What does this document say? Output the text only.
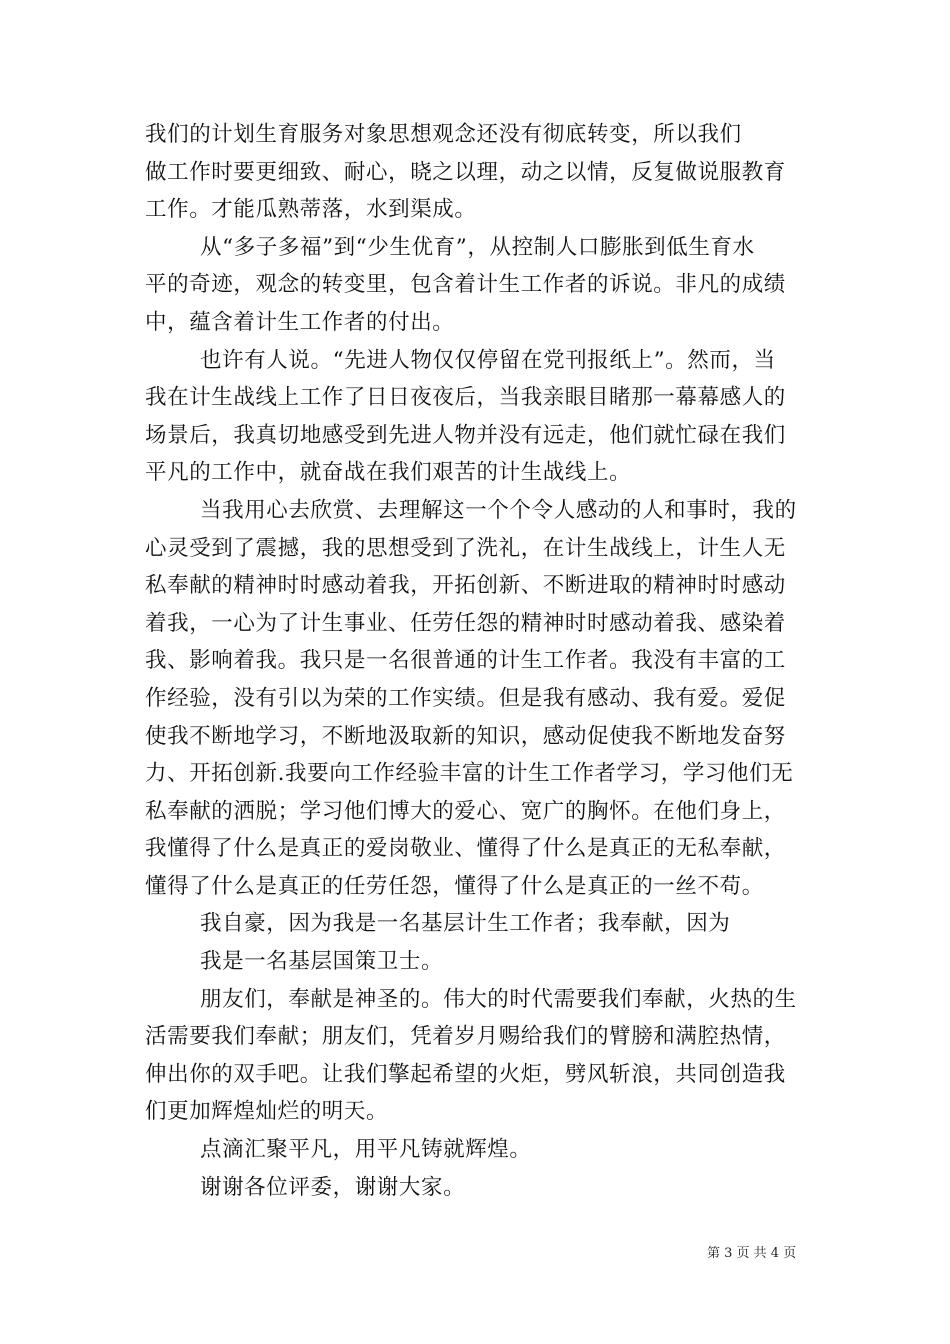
我们的计划生育服务对象思想观念还没有彻底转变，所以我们
做工作时要更细致、耐心，晓之以理，动之以情，反复做说服教育
工作。才能瓜熟蒂落，水到渠成。
从“多子多福”到“少生优育”，从控制人口膨胀到低生育水
平的奇迹，观念的转变里，包含着计生工作者的诉说。非凡的成绩
中，蕴含着计生工作者的付出。
也许有人说。“先进人物仅仅停留在党刊报纸上”。然而，当
我在计生战线上工作了日日夜夜后，当我亲眼目睹那一幕幕感人的
场景后，我真切地感受到先进人物并没有远走，他们就忙碌在我们
平凡的工作中，就奋战在我们艰苦的计生战线上。
当我用心去欣赏、去理解这一个个令人感动的人和事时，我的
心灵受到了震撼，我的思想受到了洗礼，在计生战线上，计生人无
私奉献的精神时时感动着我，开拓创新、不断进取的精神时时感动
着我，一心为了计生事业、任劳任怨的精神时时感动着我、感染着
我、影响着我。我只是一名很普通的计生工作者。我没有丰富的工
作经验，没有引以为荣的工作实绩。但是我有感动、我有爱。爱促
使我不断地学习，不断地汲取新的知识，感动促使我不断地发奋努
力、开拓创新.我要向工作经验丰富的计生工作者学习，学习他们无
私奉献的洒脱；学习他们博大的爱心、宽广的胸怀。在他们身上，
我懂得了什么是真正的爱岗敬业、懂得了什么是真正的无私奉献，
懂得了什么是真正的任劳任怨，懂得了什么是真正的一丝不苟。
我自豪，因为我是一名基层计生工作者；我奉献，因为
我是一名基层国策卫士。
朋友们，奉献是神圣的。伟大的时代需要我们奉献，火热的生
活需要我们奉献；朋友们，凭着岁月赐给我们的臂膀和满腔热情，
伸出你的双手吧。让我们擎起希望的火炬，劈风斩浪，共同创造我
们更加辉煌灿烂的明天。
点滴汇聚平凡，用平凡铸就辉煌。
谢谢各位评委，谢谢大家。
第 3 页 共 4 页
